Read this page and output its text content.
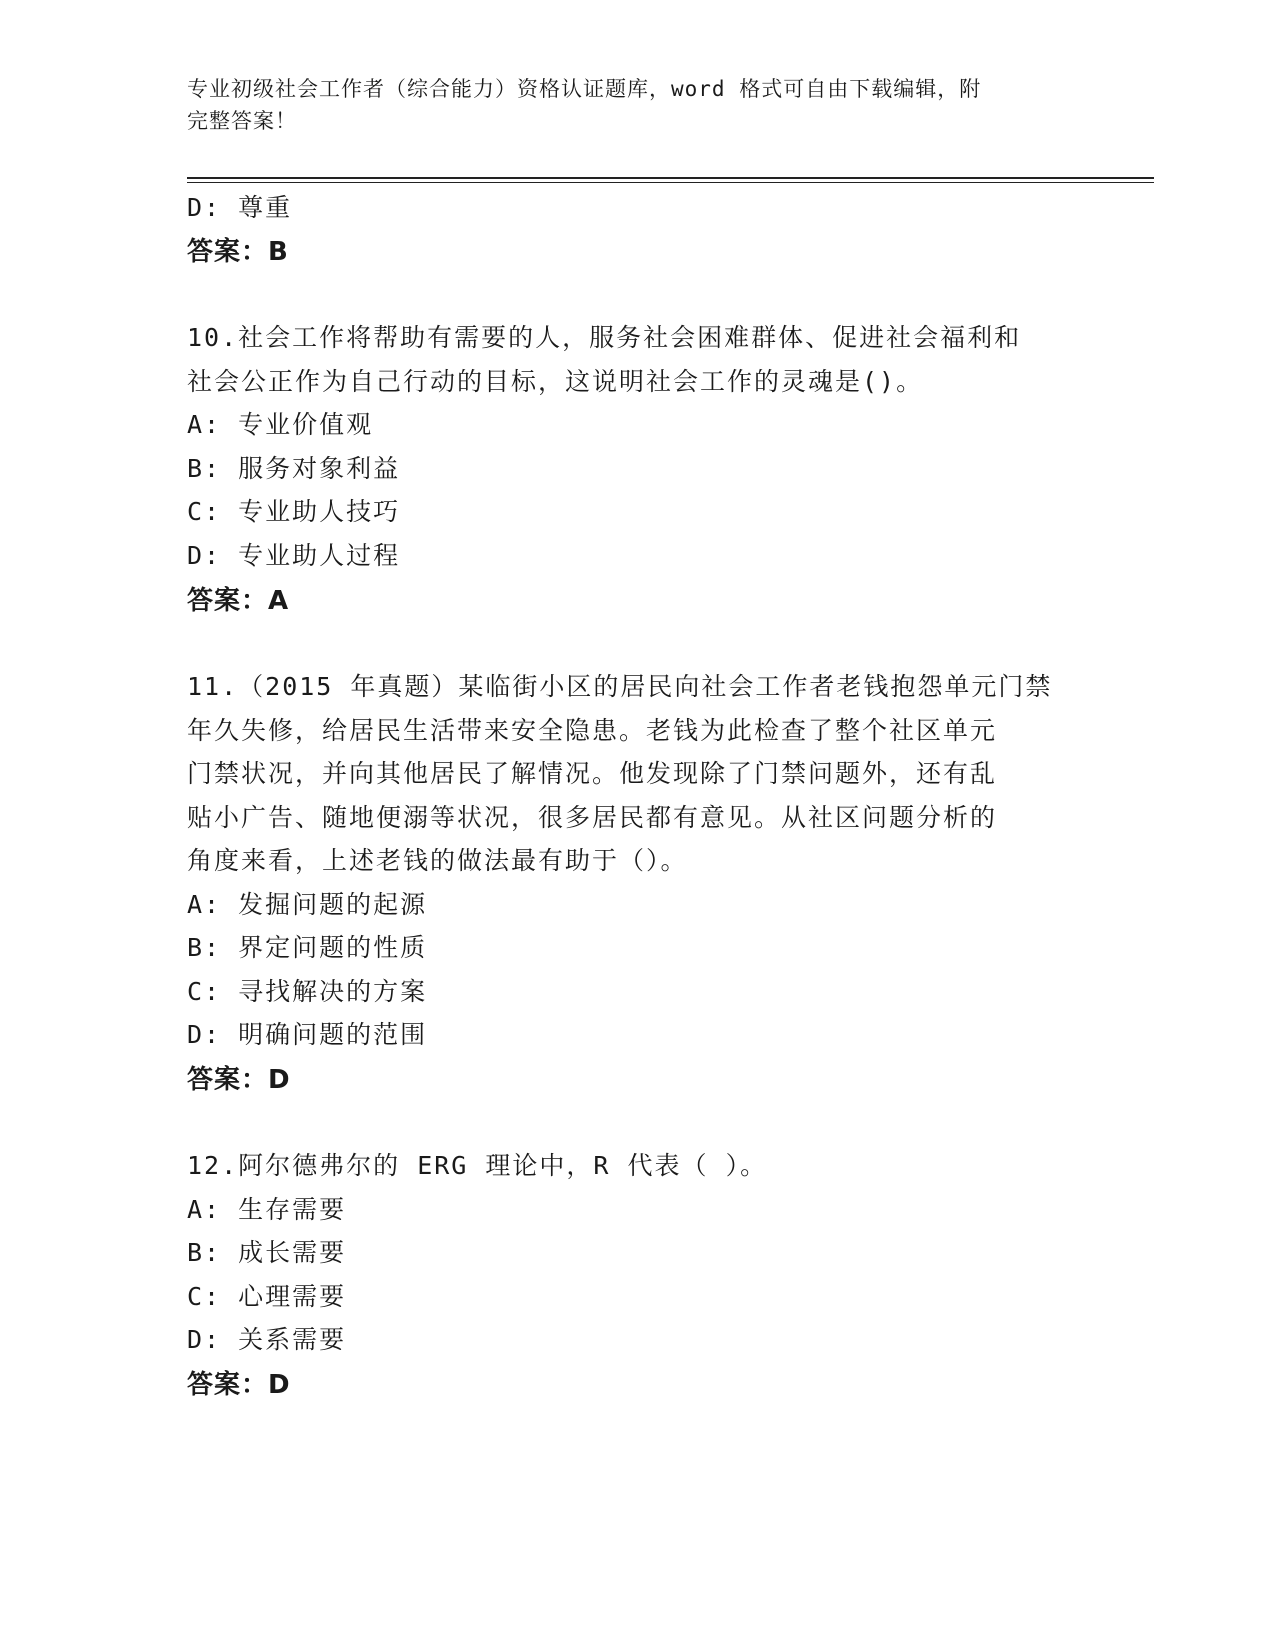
专业初级社会工作者（综合能力）资格认证题库，word 格式可自由下载编辑，附
完整答案！
D: 尊重
答案：B
10.社会工作将帮助有需要的人，服务社会困难群体、促进社会福利和
社会公正作为自己行动的目标，这说明社会工作的灵魂是()。
A: 专业价值观
B: 服务对象利益
C: 专业助人技巧
D: 专业助人过程
答案：A
11.（2015 年真题）某临街小区的居民向社会工作者老钱抱怨单元门禁
年久失修，给居民生活带来安全隐患。老钱为此检查了整个社区单元
门禁状况，并向其他居民了解情况。他发现除了门禁问题外，还有乱
贴小广告、随地便溺等状况，很多居民都有意见。从社区问题分析的
角度来看，上述老钱的做法最有助于（）。
A: 发掘问题的起源
B: 界定问题的性质
C: 寻找解决的方案
D: 明确问题的范围
答案：D
12.阿尔德弗尔的 ERG 理论中，R 代表（ ）。
A: 生存需要
B: 成长需要
C: 心理需要
D: 关系需要
答案：D
